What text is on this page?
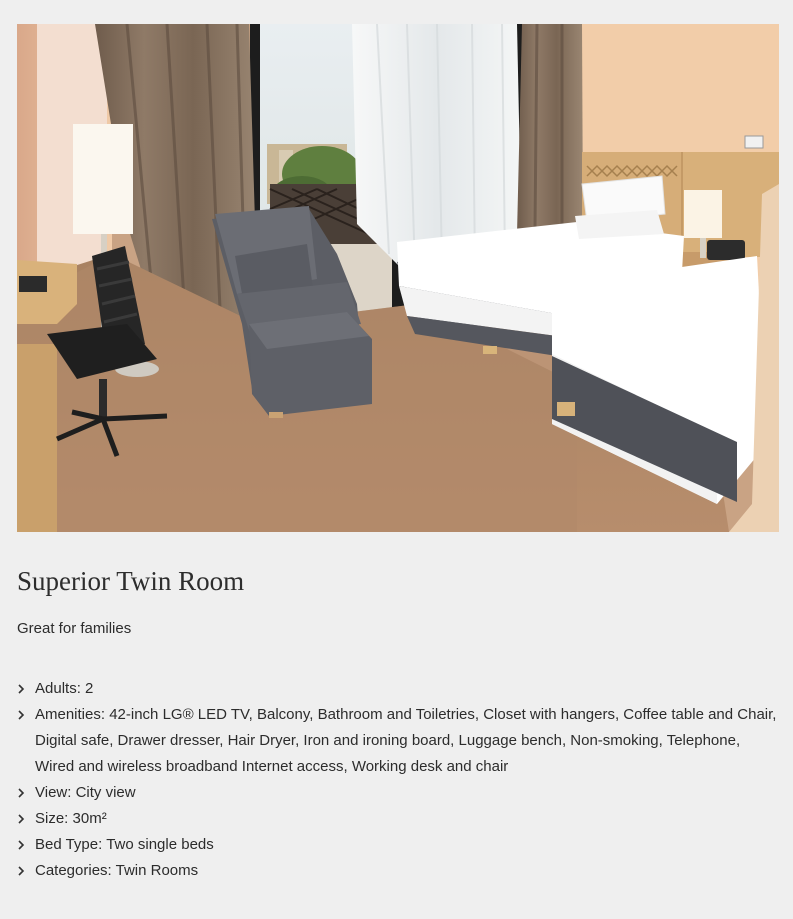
Superior Twin Room

Great for families

Adults: 2
Amenities: 42-inch LG® LED TV, Balcony, Bathroom and Toiletries, Closet with hangers, Coffee table and Chair, Digital safe, Drawer dresser, Hair Dryer, Iron and ironing board, Luggage bench, Non-smoking, Telephone, Wired and wireless broadband Internet access, Working desk and chair
View: City view
Size: 30m²
Bed Type: Two single beds
Categories: Twin Rooms
